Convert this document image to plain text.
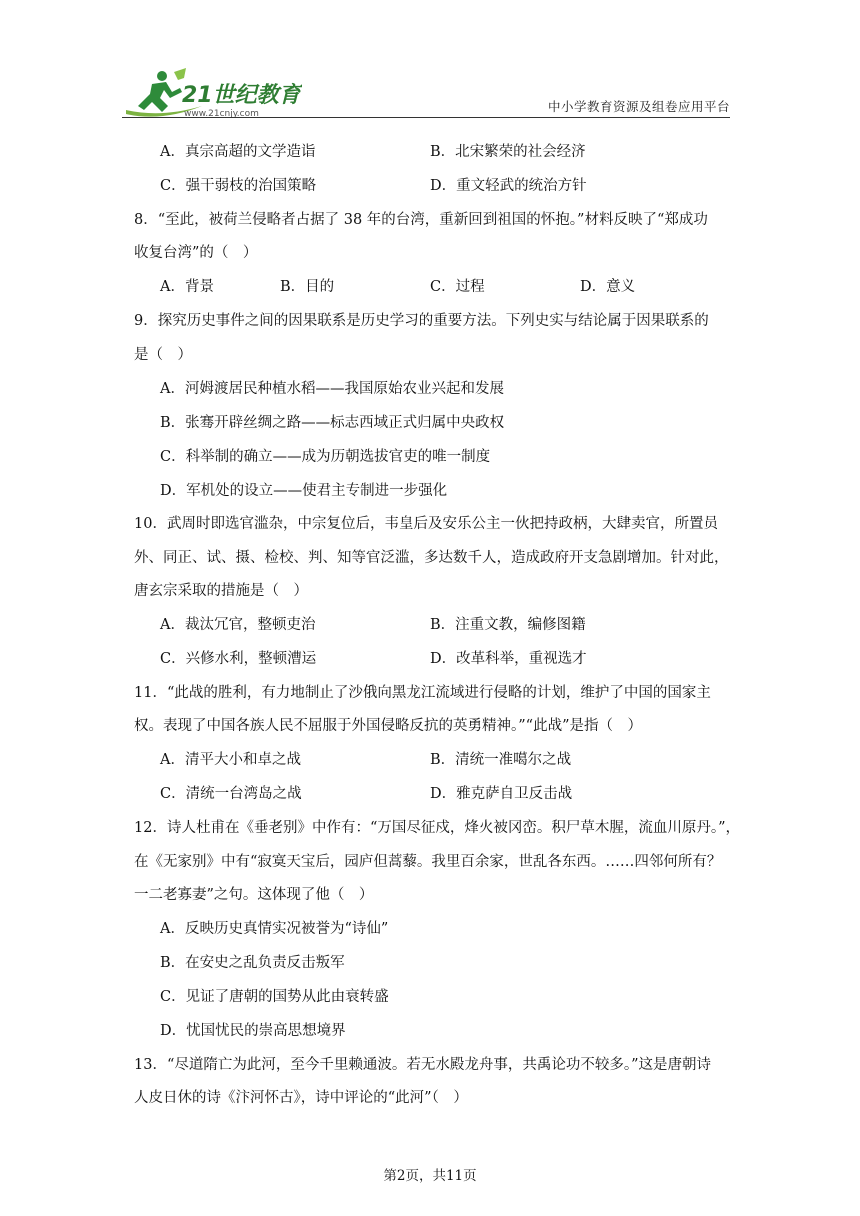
21世纪教育
www.21cnjy.com	中小学教育资源及组卷应用平台
A．真宗高超的文学造诣	B．北宋繁荣的社会经济
C．强干弱枝的治国策略	D．重文轻武的统治方针
8．“至此，被荷兰侵略者占据了 38 年的台湾，重新回到祖国的怀抱。”材料反映了“郑成功
收复台湾”的（　）
A．背景	B．目的	C．过程	D．意义
9．探究历史事件之间的因果联系是历史学习的重要方法。下列史实与结论属于因果联系的
是（　）
A．河姆渡居民种植水稻——我国原始农业兴起和发展
B．张骞开辟丝绸之路——标志西域正式归属中央政权
C．科举制的确立——成为历朝选拔官吏的唯一制度
D．军机处的设立——使君主专制进一步强化
10．武周时即选官滥杂，中宗复位后，韦皇后及安乐公主一伙把持政柄，大肆卖官，所置员
外、同正、试、摄、检校、判、知等官泛滥，多达数千人，造成政府开支急剧增加。针对此，
唐玄宗采取的措施是（　）
A．裁汰冗官，整顿吏治	B．注重文教，编修图籍
C．兴修水利，整顿漕运	D．改革科举，重视选才
11．“此战的胜利，有力地制止了沙俄向黑龙江流域进行侵略的计划，维护了中国的国家主
权。表现了中国各族人民不屈服于外国侵略反抗的英勇精神。”“此战”是指（　）
A．清平大小和卓之战	B．清统一准噶尔之战
C．清统一台湾岛之战	D．雅克萨自卫反击战
12．诗人杜甫在《垂老别》中作有：“万国尽征戍，烽火被冈峦。积尸草木腥，流血川原丹。”，
在《无家别》中有“寂寞天宝后，园庐但蒿藜。我里百余家，世乱各东西。……四邻何所有？
一二老寡妻”之句。这体现了他（　）
A．反映历史真情实况被誉为“诗仙”
B．在安史之乱负责反击叛军
C．见证了唐朝的国势从此由衰转盛
D．忧国忧民的崇高思想境界
13．“尽道隋亡为此河，至今千里赖通波。若无水殿龙舟事，共禹论功不较多。”这是唐朝诗
人皮日休的诗《汴河怀古》，诗中评论的“此河”（　）
第2页，共11页
